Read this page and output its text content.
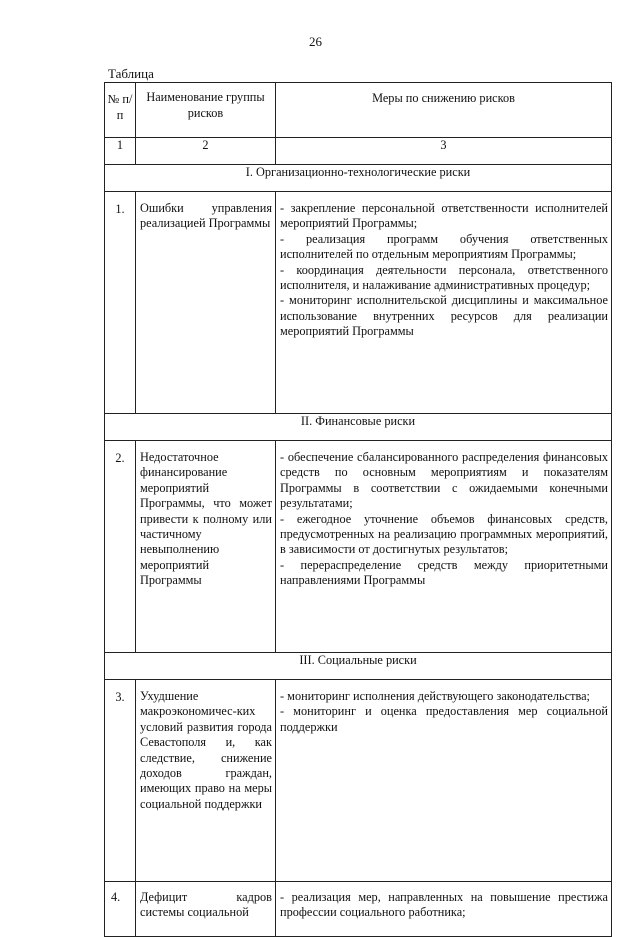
26
Таблица
№ п/п	Наименование группы рисков	Меры по снижению рисков
1	2	3
I. Организационно-технологические риски		
1.	Ошибки управления реализацией Программы	- закрепление персональной ответственности исполнителей мероприятий Программы;
- реализация программ обучения ответственных исполнителей по отдельным мероприятиям Программы;
- координация деятельности персонала, ответственного исполнителя, и налаживание административных процедур;
- мониторинг исполнительской дисциплины и максимальное использование внутренних ресурсов для реализации мероприятий Программы

II. Финансовые риски		
2.	Недостаточное финансирование мероприятий Программы, что может привести к полному или частичному невыполнению мероприятий Программы	- обеспечение сбалансированного распределения финансовых средств по основным мероприятиям и показателям Программы в соответствии с ожидаемыми конечными результатами;
- ежегодное уточнение объемов финансовых средств, предусмотренных на реализацию программных мероприятий, в зависимости от достигнутых результатов;
- перераспределение средств между приоритетными направлениями Программы

III. Социальные риски		
3.	Ухудшение макроэкономичес-ких условий развития города Севастополя и, как следствие, снижение доходов граждан, имеющих право на меры социальной поддержки	- мониторинг исполнения действующего законодательства;
- мониторинг и оценка предоставления мер социальной поддержки

4.	Дефицит кадров системы социальной	- реализация мер, направленных на повышение престижа профессии социального работника;
